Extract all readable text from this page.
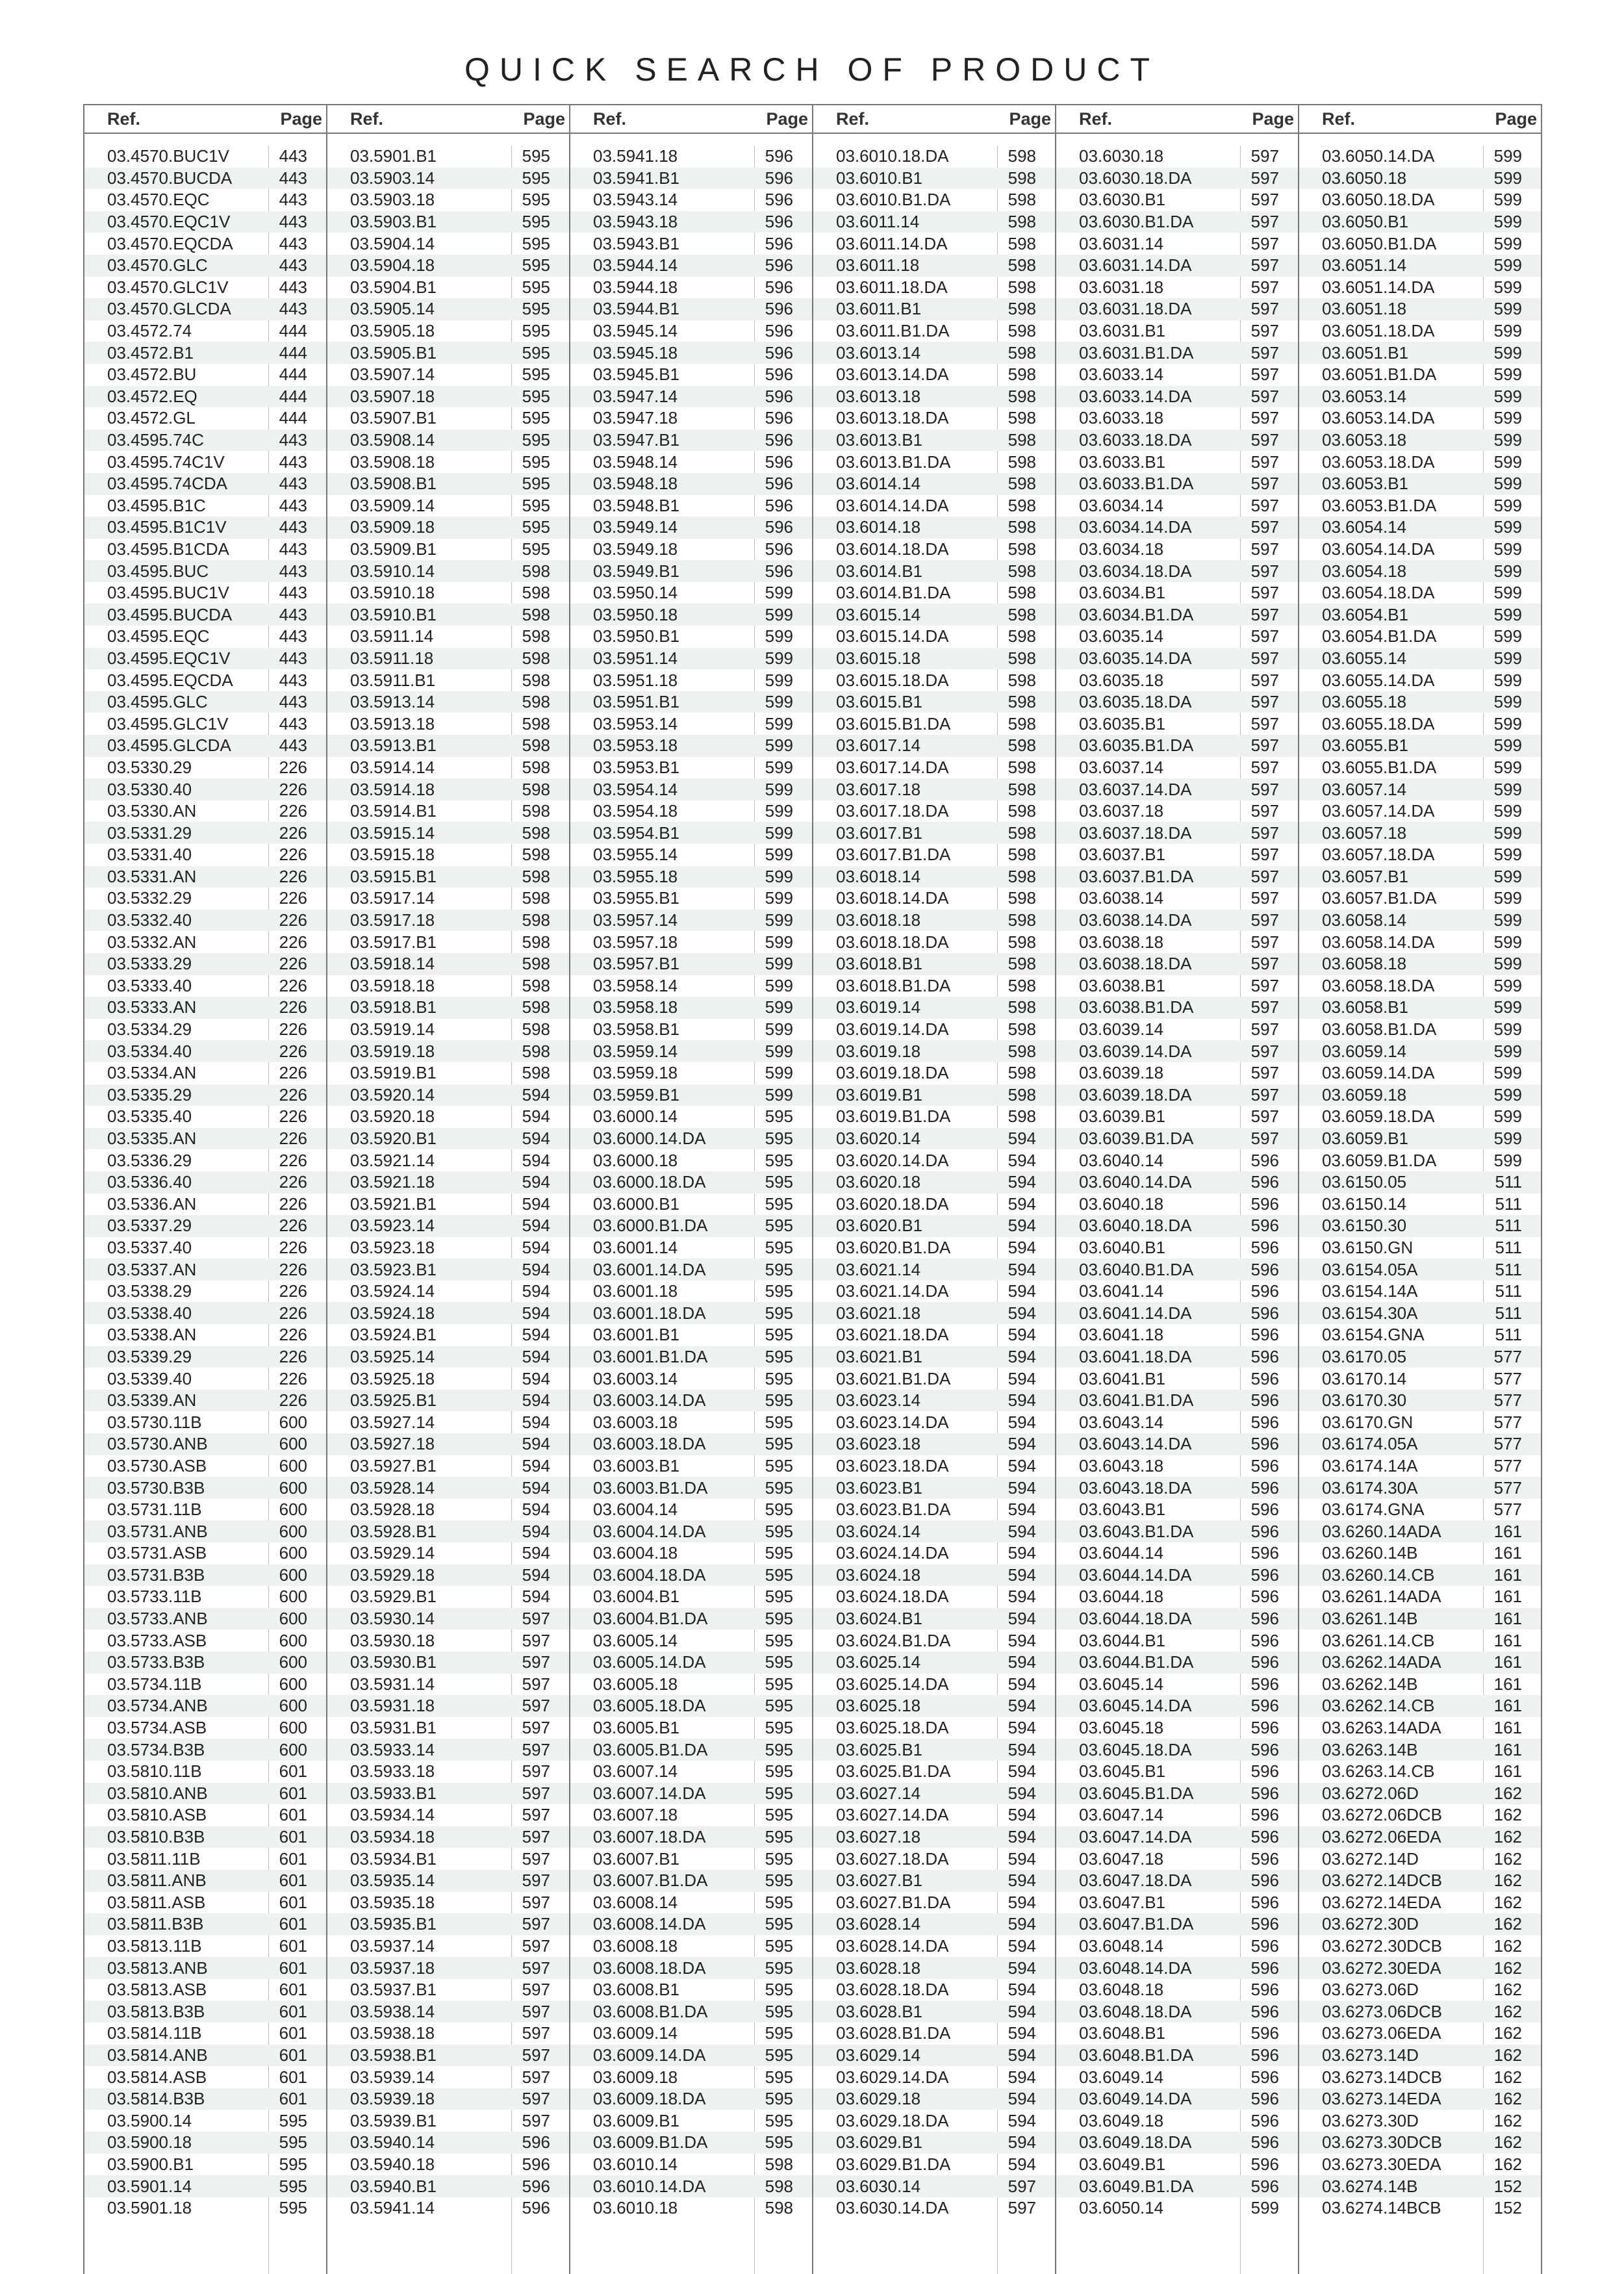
QUICK SEARCH OF PRODUCT
Ref.	Page
03.4570.BUC1V	443
03.4570.BUCDA	443
03.4570.EQC	443
03.4570.EQC1V	443
03.4570.EQCDA	443
03.4570.GLC	443
03.4570.GLC1V	443
03.4570.GLCDA	443
03.4572.74	444
03.4572.B1	444
03.4572.BU	444
03.4572.EQ	444
03.4572.GL	444
03.4595.74C	443
03.4595.74C1V	443
03.4595.74CDA	443
03.4595.B1C	443
03.4595.B1C1V	443
03.4595.B1CDA	443
03.4595.BUC	443
03.4595.BUC1V	443
03.4595.BUCDA	443
03.4595.EQC	443
03.4595.EQC1V	443
03.4595.EQCDA	443
03.4595.GLC	443
03.4595.GLC1V	443
03.4595.GLCDA	443
03.5330.29	226
03.5330.40	226
03.5330.AN	226
03.5331.29	226
03.5331.40	226
03.5331.AN	226
03.5332.29	226
03.5332.40	226
03.5332.AN	226
03.5333.29	226
03.5333.40	226
03.5333.AN	226
03.5334.29	226
03.5334.40	226
03.5334.AN	226
03.5335.29	226
03.5335.40	226
03.5335.AN	226
03.5336.29	226
03.5336.40	226
03.5336.AN	226
03.5337.29	226
03.5337.40	226
03.5337.AN	226
03.5338.29	226
03.5338.40	226
03.5338.AN	226
03.5339.29	226
03.5339.40	226
03.5339.AN	226
03.5730.11B	600
03.5730.ANB	600
03.5730.ASB	600
03.5730.B3B	600
03.5731.11B	600
03.5731.ANB	600
03.5731.ASB	600
03.5731.B3B	600
03.5733.11B	600
03.5733.ANB	600
03.5733.ASB	600
03.5733.B3B	600
03.5734.11B	600
03.5734.ANB	600
03.5734.ASB	600
03.5734.B3B	600
03.5810.11B	601
03.5810.ANB	601
03.5810.ASB	601
03.5810.B3B	601
03.5811.11B	601
03.5811.ANB	601
03.5811.ASB	601
03.5811.B3B	601
03.5813.11B	601
03.5813.ANB	601
03.5813.ASB	601
03.5813.B3B	601
03.5814.11B	601
03.5814.ANB	601
03.5814.ASB	601
03.5814.B3B	601
03.5900.14	595
03.5900.18	595
03.5900.B1	595
03.5901.14	595
03.5901.18	595
Ref.	Page
03.5901.B1	595
03.5903.14	595
03.5903.18	595
03.5903.B1	595
03.5904.14	595
03.5904.18	595
03.5904.B1	595
03.5905.14	595
03.5905.18	595
03.5905.B1	595
03.5907.14	595
03.5907.18	595
03.5907.B1	595
03.5908.14	595
03.5908.18	595
03.5908.B1	595
03.5909.14	595
03.5909.18	595
03.5909.B1	595
03.5910.14	598
03.5910.18	598
03.5910.B1	598
03.5911.14	598
03.5911.18	598
03.5911.B1	598
03.5913.14	598
03.5913.18	598
03.5913.B1	598
03.5914.14	598
03.5914.18	598
03.5914.B1	598
03.5915.14	598
03.5915.18	598
03.5915.B1	598
03.5917.14	598
03.5917.18	598
03.5917.B1	598
03.5918.14	598
03.5918.18	598
03.5918.B1	598
03.5919.14	598
03.5919.18	598
03.5919.B1	598
03.5920.14	594
03.5920.18	594
03.5920.B1	594
03.5921.14	594
03.5921.18	594
03.5921.B1	594
03.5923.14	594
03.5923.18	594
03.5923.B1	594
03.5924.14	594
03.5924.18	594
03.5924.B1	594
03.5925.14	594
03.5925.18	594
03.5925.B1	594
03.5927.14	594
03.5927.18	594
03.5927.B1	594
03.5928.14	594
03.5928.18	594
03.5928.B1	594
03.5929.14	594
03.5929.18	594
03.5929.B1	594
03.5930.14	597
03.5930.18	597
03.5930.B1	597
03.5931.14	597
03.5931.18	597
03.5931.B1	597
03.5933.14	597
03.5933.18	597
03.5933.B1	597
03.5934.14	597
03.5934.18	597
03.5934.B1	597
03.5935.14	597
03.5935.18	597
03.5935.B1	597
03.5937.14	597
03.5937.18	597
03.5937.B1	597
03.5938.14	597
03.5938.18	597
03.5938.B1	597
03.5939.14	597
03.5939.18	597
03.5939.B1	597
03.5940.14	596
03.5940.18	596
03.5940.B1	596
03.5941.14	596
Ref.	Page
03.5941.18	596
03.5941.B1	596
03.5943.14	596
03.5943.18	596
03.5943.B1	596
03.5944.14	596
03.5944.18	596
03.5944.B1	596
03.5945.14	596
03.5945.18	596
03.5945.B1	596
03.5947.14	596
03.5947.18	596
03.5947.B1	596
03.5948.14	596
03.5948.18	596
03.5948.B1	596
03.5949.14	596
03.5949.18	596
03.5949.B1	596
03.5950.14	599
03.5950.18	599
03.5950.B1	599
03.5951.14	599
03.5951.18	599
03.5951.B1	599
03.5953.14	599
03.5953.18	599
03.5953.B1	599
03.5954.14	599
03.5954.18	599
03.5954.B1	599
03.5955.14	599
03.5955.18	599
03.5955.B1	599
03.5957.14	599
03.5957.18	599
03.5957.B1	599
03.5958.14	599
03.5958.18	599
03.5958.B1	599
03.5959.14	599
03.5959.18	599
03.5959.B1	599
03.6000.14	595
03.6000.14.DA	595
03.6000.18	595
03.6000.18.DA	595
03.6000.B1	595
03.6000.B1.DA	595
03.6001.14	595
03.6001.14.DA	595
03.6001.18	595
03.6001.18.DA	595
03.6001.B1	595
03.6001.B1.DA	595
03.6003.14	595
03.6003.14.DA	595
03.6003.18	595
03.6003.18.DA	595
03.6003.B1	595
03.6003.B1.DA	595
03.6004.14	595
03.6004.14.DA	595
03.6004.18	595
03.6004.18.DA	595
03.6004.B1	595
03.6004.B1.DA	595
03.6005.14	595
03.6005.14.DA	595
03.6005.18	595
03.6005.18.DA	595
03.6005.B1	595
03.6005.B1.DA	595
03.6007.14	595
03.6007.14.DA	595
03.6007.18	595
03.6007.18.DA	595
03.6007.B1	595
03.6007.B1.DA	595
03.6008.14	595
03.6008.14.DA	595
03.6008.18	595
03.6008.18.DA	595
03.6008.B1	595
03.6008.B1.DA	595
03.6009.14	595
03.6009.14.DA	595
03.6009.18	595
03.6009.18.DA	595
03.6009.B1	595
03.6009.B1.DA	595
03.6010.14	598
03.6010.14.DA	598
03.6010.18	598
Ref.	Page
03.6010.18.DA	598
03.6010.B1	598
03.6010.B1.DA	598
03.6011.14	598
03.6011.14.DA	598
03.6011.18	598
03.6011.18.DA	598
03.6011.B1	598
03.6011.B1.DA	598
03.6013.14	598
03.6013.14.DA	598
03.6013.18	598
03.6013.18.DA	598
03.6013.B1	598
03.6013.B1.DA	598
03.6014.14	598
03.6014.14.DA	598
03.6014.18	598
03.6014.18.DA	598
03.6014.B1	598
03.6014.B1.DA	598
03.6015.14	598
03.6015.14.DA	598
03.6015.18	598
03.6015.18.DA	598
03.6015.B1	598
03.6015.B1.DA	598
03.6017.14	598
03.6017.14.DA	598
03.6017.18	598
03.6017.18.DA	598
03.6017.B1	598
03.6017.B1.DA	598
03.6018.14	598
03.6018.14.DA	598
03.6018.18	598
03.6018.18.DA	598
03.6018.B1	598
03.6018.B1.DA	598
03.6019.14	598
03.6019.14.DA	598
03.6019.18	598
03.6019.18.DA	598
03.6019.B1	598
03.6019.B1.DA	598
03.6020.14	594
03.6020.14.DA	594
03.6020.18	594
03.6020.18.DA	594
03.6020.B1	594
03.6020.B1.DA	594
03.6021.14	594
03.6021.14.DA	594
03.6021.18	594
03.6021.18.DA	594
03.6021.B1	594
03.6021.B1.DA	594
03.6023.14	594
03.6023.14.DA	594
03.6023.18	594
03.6023.18.DA	594
03.6023.B1	594
03.6023.B1.DA	594
03.6024.14	594
03.6024.14.DA	594
03.6024.18	594
03.6024.18.DA	594
03.6024.B1	594
03.6024.B1.DA	594
03.6025.14	594
03.6025.14.DA	594
03.6025.18	594
03.6025.18.DA	594
03.6025.B1	594
03.6025.B1.DA	594
03.6027.14	594
03.6027.14.DA	594
03.6027.18	594
03.6027.18.DA	594
03.6027.B1	594
03.6027.B1.DA	594
03.6028.14	594
03.6028.14.DA	594
03.6028.18	594
03.6028.18.DA	594
03.6028.B1	594
03.6028.B1.DA	594
03.6029.14	594
03.6029.14.DA	594
03.6029.18	594
03.6029.18.DA	594
03.6029.B1	594
03.6029.B1.DA	594
03.6030.14	597
03.6030.14.DA	597
Ref.	Page
03.6030.18	597
03.6030.18.DA	597
03.6030.B1	597
03.6030.B1.DA	597
03.6031.14	597
03.6031.14.DA	597
03.6031.18	597
03.6031.18.DA	597
03.6031.B1	597
03.6031.B1.DA	597
03.6033.14	597
03.6033.14.DA	597
03.6033.18	597
03.6033.18.DA	597
03.6033.B1	597
03.6033.B1.DA	597
03.6034.14	597
03.6034.14.DA	597
03.6034.18	597
03.6034.18.DA	597
03.6034.B1	597
03.6034.B1.DA	597
03.6035.14	597
03.6035.14.DA	597
03.6035.18	597
03.6035.18.DA	597
03.6035.B1	597
03.6035.B1.DA	597
03.6037.14	597
03.6037.14.DA	597
03.6037.18	597
03.6037.18.DA	597
03.6037.B1	597
03.6037.B1.DA	597
03.6038.14	597
03.6038.14.DA	597
03.6038.18	597
03.6038.18.DA	597
03.6038.B1	597
03.6038.B1.DA	597
03.6039.14	597
03.6039.14.DA	597
03.6039.18	597
03.6039.18.DA	597
03.6039.B1	597
03.6039.B1.DA	597
03.6040.14	596
03.6040.14.DA	596
03.6040.18	596
03.6040.18.DA	596
03.6040.B1	596
03.6040.B1.DA	596
03.6041.14	596
03.6041.14.DA	596
03.6041.18	596
03.6041.18.DA	596
03.6041.B1	596
03.6041.B1.DA	596
03.6043.14	596
03.6043.14.DA	596
03.6043.18	596
03.6043.18.DA	596
03.6043.B1	596
03.6043.B1.DA	596
03.6044.14	596
03.6044.14.DA	596
03.6044.18	596
03.6044.18.DA	596
03.6044.B1	596
03.6044.B1.DA	596
03.6045.14	596
03.6045.14.DA	596
03.6045.18	596
03.6045.18.DA	596
03.6045.B1	596
03.6045.B1.DA	596
03.6047.14	596
03.6047.14.DA	596
03.6047.18	596
03.6047.18.DA	596
03.6047.B1	596
03.6047.B1.DA	596
03.6048.14	596
03.6048.14.DA	596
03.6048.18	596
03.6048.18.DA	596
03.6048.B1	596
03.6048.B1.DA	596
03.6049.14	596
03.6049.14.DA	596
03.6049.18	596
03.6049.18.DA	596
03.6049.B1	596
03.6049.B1.DA	596
03.6050.14	599
Ref.	Page
03.6050.14.DA	599
03.6050.18	599
03.6050.18.DA	599
03.6050.B1	599
03.6050.B1.DA	599
03.6051.14	599
03.6051.14.DA	599
03.6051.18	599
03.6051.18.DA	599
03.6051.B1	599
03.6051.B1.DA	599
03.6053.14	599
03.6053.14.DA	599
03.6053.18	599
03.6053.18.DA	599
03.6053.B1	599
03.6053.B1.DA	599
03.6054.14	599
03.6054.14.DA	599
03.6054.18	599
03.6054.18.DA	599
03.6054.B1	599
03.6054.B1.DA	599
03.6055.14	599
03.6055.14.DA	599
03.6055.18	599
03.6055.18.DA	599
03.6055.B1	599
03.6055.B1.DA	599
03.6057.14	599
03.6057.14.DA	599
03.6057.18	599
03.6057.18.DA	599
03.6057.B1	599
03.6057.B1.DA	599
03.6058.14	599
03.6058.14.DA	599
03.6058.18	599
03.6058.18.DA	599
03.6058.B1	599
03.6058.B1.DA	599
03.6059.14	599
03.6059.14.DA	599
03.6059.18	599
03.6059.18.DA	599
03.6059.B1	599
03.6059.B1.DA	599
03.6150.05	511
03.6150.14	511
03.6150.30	511
03.6150.GN	511
03.6154.05A	511
03.6154.14A	511
03.6154.30A	511
03.6154.GNA	511
03.6170.05	577
03.6170.14	577
03.6170.30	577
03.6170.GN	577
03.6174.05A	577
03.6174.14A	577
03.6174.30A	577
03.6174.GNA	577
03.6260.14ADA	161
03.6260.14B	161
03.6260.14.CB	161
03.6261.14ADA	161
03.6261.14B	161
03.6261.14.CB	161
03.6262.14ADA	161
03.6262.14B	161
03.6262.14.CB	161
03.6263.14ADA	161
03.6263.14B	161
03.6263.14.CB	161
03.6272.06D	162
03.6272.06DCB	162
03.6272.06EDA	162
03.6272.14D	162
03.6272.14DCB	162
03.6272.14EDA	162
03.6272.30D	162
03.6272.30DCB	162
03.6272.30EDA	162
03.6273.06D	162
03.6273.06DCB	162
03.6273.06EDA	162
03.6273.14D	162
03.6273.14DCB	162
03.6273.14EDA	162
03.6273.30D	162
03.6273.30DCB	162
03.6273.30EDA	162
03.6274.14B	152
03.6274.14BCB	152
